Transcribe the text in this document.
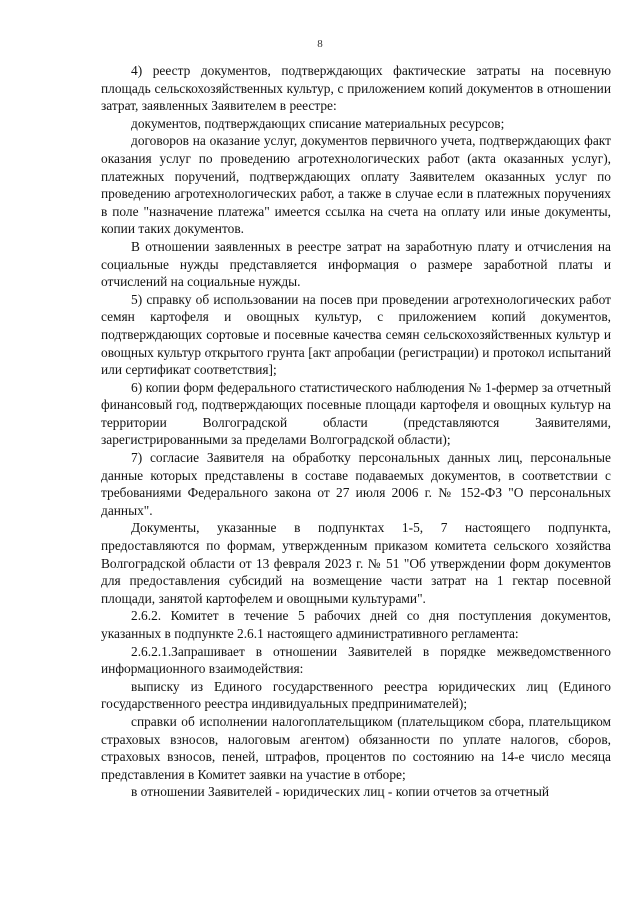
8

4) реестр документов, подтверждающих фактические затраты на посевную площадь сельскохозяйственных культур, с приложением копий документов в отношении затрат, заявленных Заявителем в реестре:

документов, подтверждающих списание материальных ресурсов;

договоров на оказание услуг, документов первичного учета, подтверждающих факт оказания услуг по проведению агротехнологических работ (акта оказанных услуг), платежных поручений, подтверждающих оплату Заявителем оказанных услуг по проведению агротехнологических работ, а также в случае если в платежных поручениях в поле "назначение платежа" имеется ссылка на счета на оплату или иные документы, копии таких документов.

В отношении заявленных в реестре затрат на заработную плату и отчисления на социальные нужды представляется информация о размере заработной платы и отчислений на социальные нужды.

5) справку об использовании на посев при проведении агротехнологических работ семян картофеля и овощных культур, с приложением копий документов, подтверждающих сортовые и посевные качества семян сельскохозяйственных культур и овощных культур открытого грунта [акт апробации (регистрации) и протокол испытаний или сертификат соответствия];

6) копии форм федерального статистического наблюдения № 1-фермер за отчетный финансовый год, подтверждающих посевные площади картофеля и овощных культур на территории Волгоградской области (представляются Заявителями, зарегистрированными за пределами Волгоградской области);

7) согласие Заявителя на обработку персональных данных лиц, персональные данные которых представлены в составе подаваемых документов, в соответствии с требованиями Федерального закона от 27 июля 2006 г. № 152-ФЗ "О персональных данных".

Документы, указанные в подпунктах 1-5, 7 настоящего подпункта, предоставляются по формам, утвержденным приказом комитета сельского хозяйства Волгоградской области от 13 февраля 2023 г. № 51 "Об утверждении форм документов для предоставления субсидий на возмещение части затрат на 1 гектар посевной площади, занятой картофелем и овощными культурами".

2.6.2. Комитет в течение 5 рабочих дней со дня поступления документов, указанных в подпункте 2.6.1 настоящего административного регламента:

2.6.2.1.Запрашивает в отношении Заявителей в порядке межведомственного информационного взаимодействия:

выписку из Единого государственного реестра юридических лиц (Единого государственного реестра индивидуальных предпринимателей);

справки об исполнении налогоплательщиком (плательщиком сбора, плательщиком страховых взносов, налоговым агентом) обязанности по уплате налогов, сборов, страховых взносов, пеней, штрафов, процентов по состоянию на 14-е число месяца представления в Комитет заявки на участие в отборе;

в отношении Заявителей - юридических лиц - копии отчетов за отчетный
